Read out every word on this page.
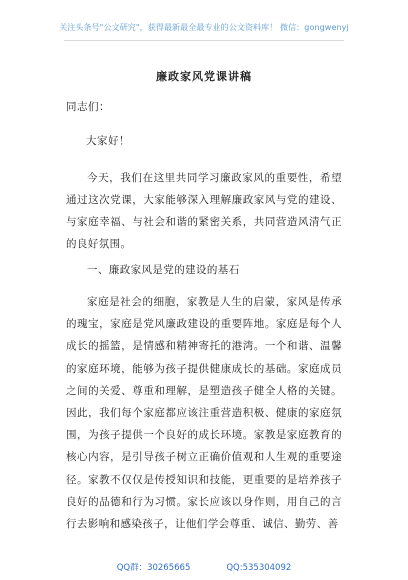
关注头条号"公文研究"，获得最新最全最专业的公文资料库！ 微信：gongwenyj
廉政家风党课讲稿
同志们：
大家好！

今天，我们在这里共同学习廉政家风的重要性，希望通过这次党课，大家能够深入理解廉政家风与党的建设、与家庭幸福、与社会和谐的紧密关系，共同营造风清气正的良好氛围。

一、廉政家风是党的建设的基石

家庭是社会的细胞，家教是人生的启蒙，家风是传承的瑰宝，家庭是党风廉政建设的重要阵地。家庭是每个人成长的摇篮，是情感和精神寄托的港湾。一个和谐、温馨的家庭环境，能够为孩子提供健康成长的基础。家庭成员之间的关爱、尊重和理解，是塑造孩子健全人格的关键。因此，我们每个家庭都应该注重营造积极、健康的家庭氛围，为孩子提供一个良好的成长环境。家教是家庭教育的核心内容，是引导孩子树立正确价值观和人生观的重要途径。家教不仅仅是传授知识和技能，更重要的是培养孩子良好的品德和行为习惯。家长应该以身作则，用自己的言行去影响和感染孩子，让他们学会尊重、诚信、勤劳、善

QQ群：30265665	QQ:535304092
